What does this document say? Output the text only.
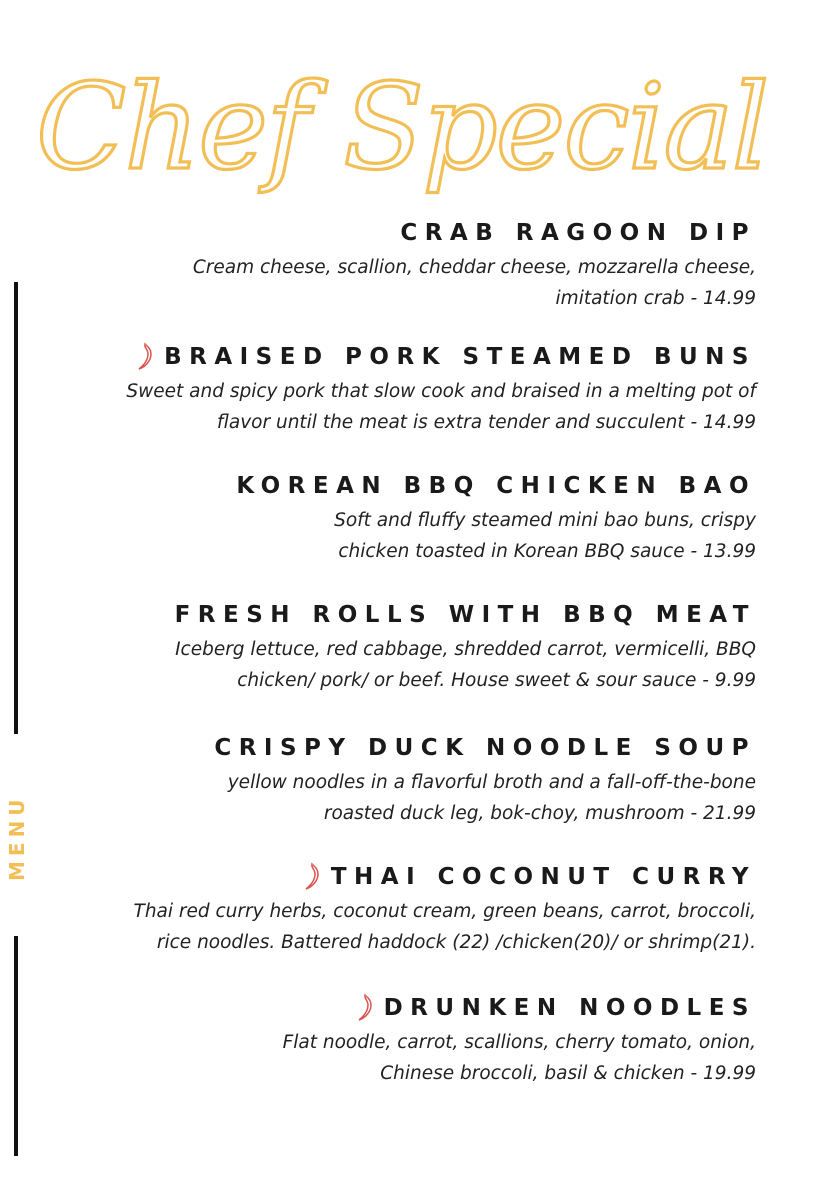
Chef Special
MENU
CRAB RAGOON DIP
Cream cheese, scallion, cheddar cheese, mozzarella cheese,
imitation crab - 14.99
BRAISED PORK STEAMED BUNS
Sweet and spicy pork that slow cook and braised in a melting pot of
flavor until the meat is extra tender and succulent - 14.99
KOREAN BBQ CHICKEN BAO
Soft and fluffy steamed mini bao buns, crispy
chicken toasted in Korean BBQ sauce - 13.99
FRESH ROLLS WITH BBQ MEAT
Iceberg lettuce, red cabbage, shredded carrot, vermicelli, BBQ
chicken/ pork/ or beef. House sweet & sour sauce - 9.99
CRISPY DUCK NOODLE SOUP
yellow noodles in a flavorful broth and a fall-off-the-bone
roasted duck leg, bok-choy, mushroom - 21.99
THAI COCONUT CURRY
Thai red curry herbs, coconut cream, green beans, carrot, broccoli,
rice noodles. Battered haddock (22) /chicken(20)/ or shrimp(21).
DRUNKEN NOODLES
Flat noodle, carrot, scallions, cherry tomato, onion,
Chinese broccoli, basil & chicken - 19.99
